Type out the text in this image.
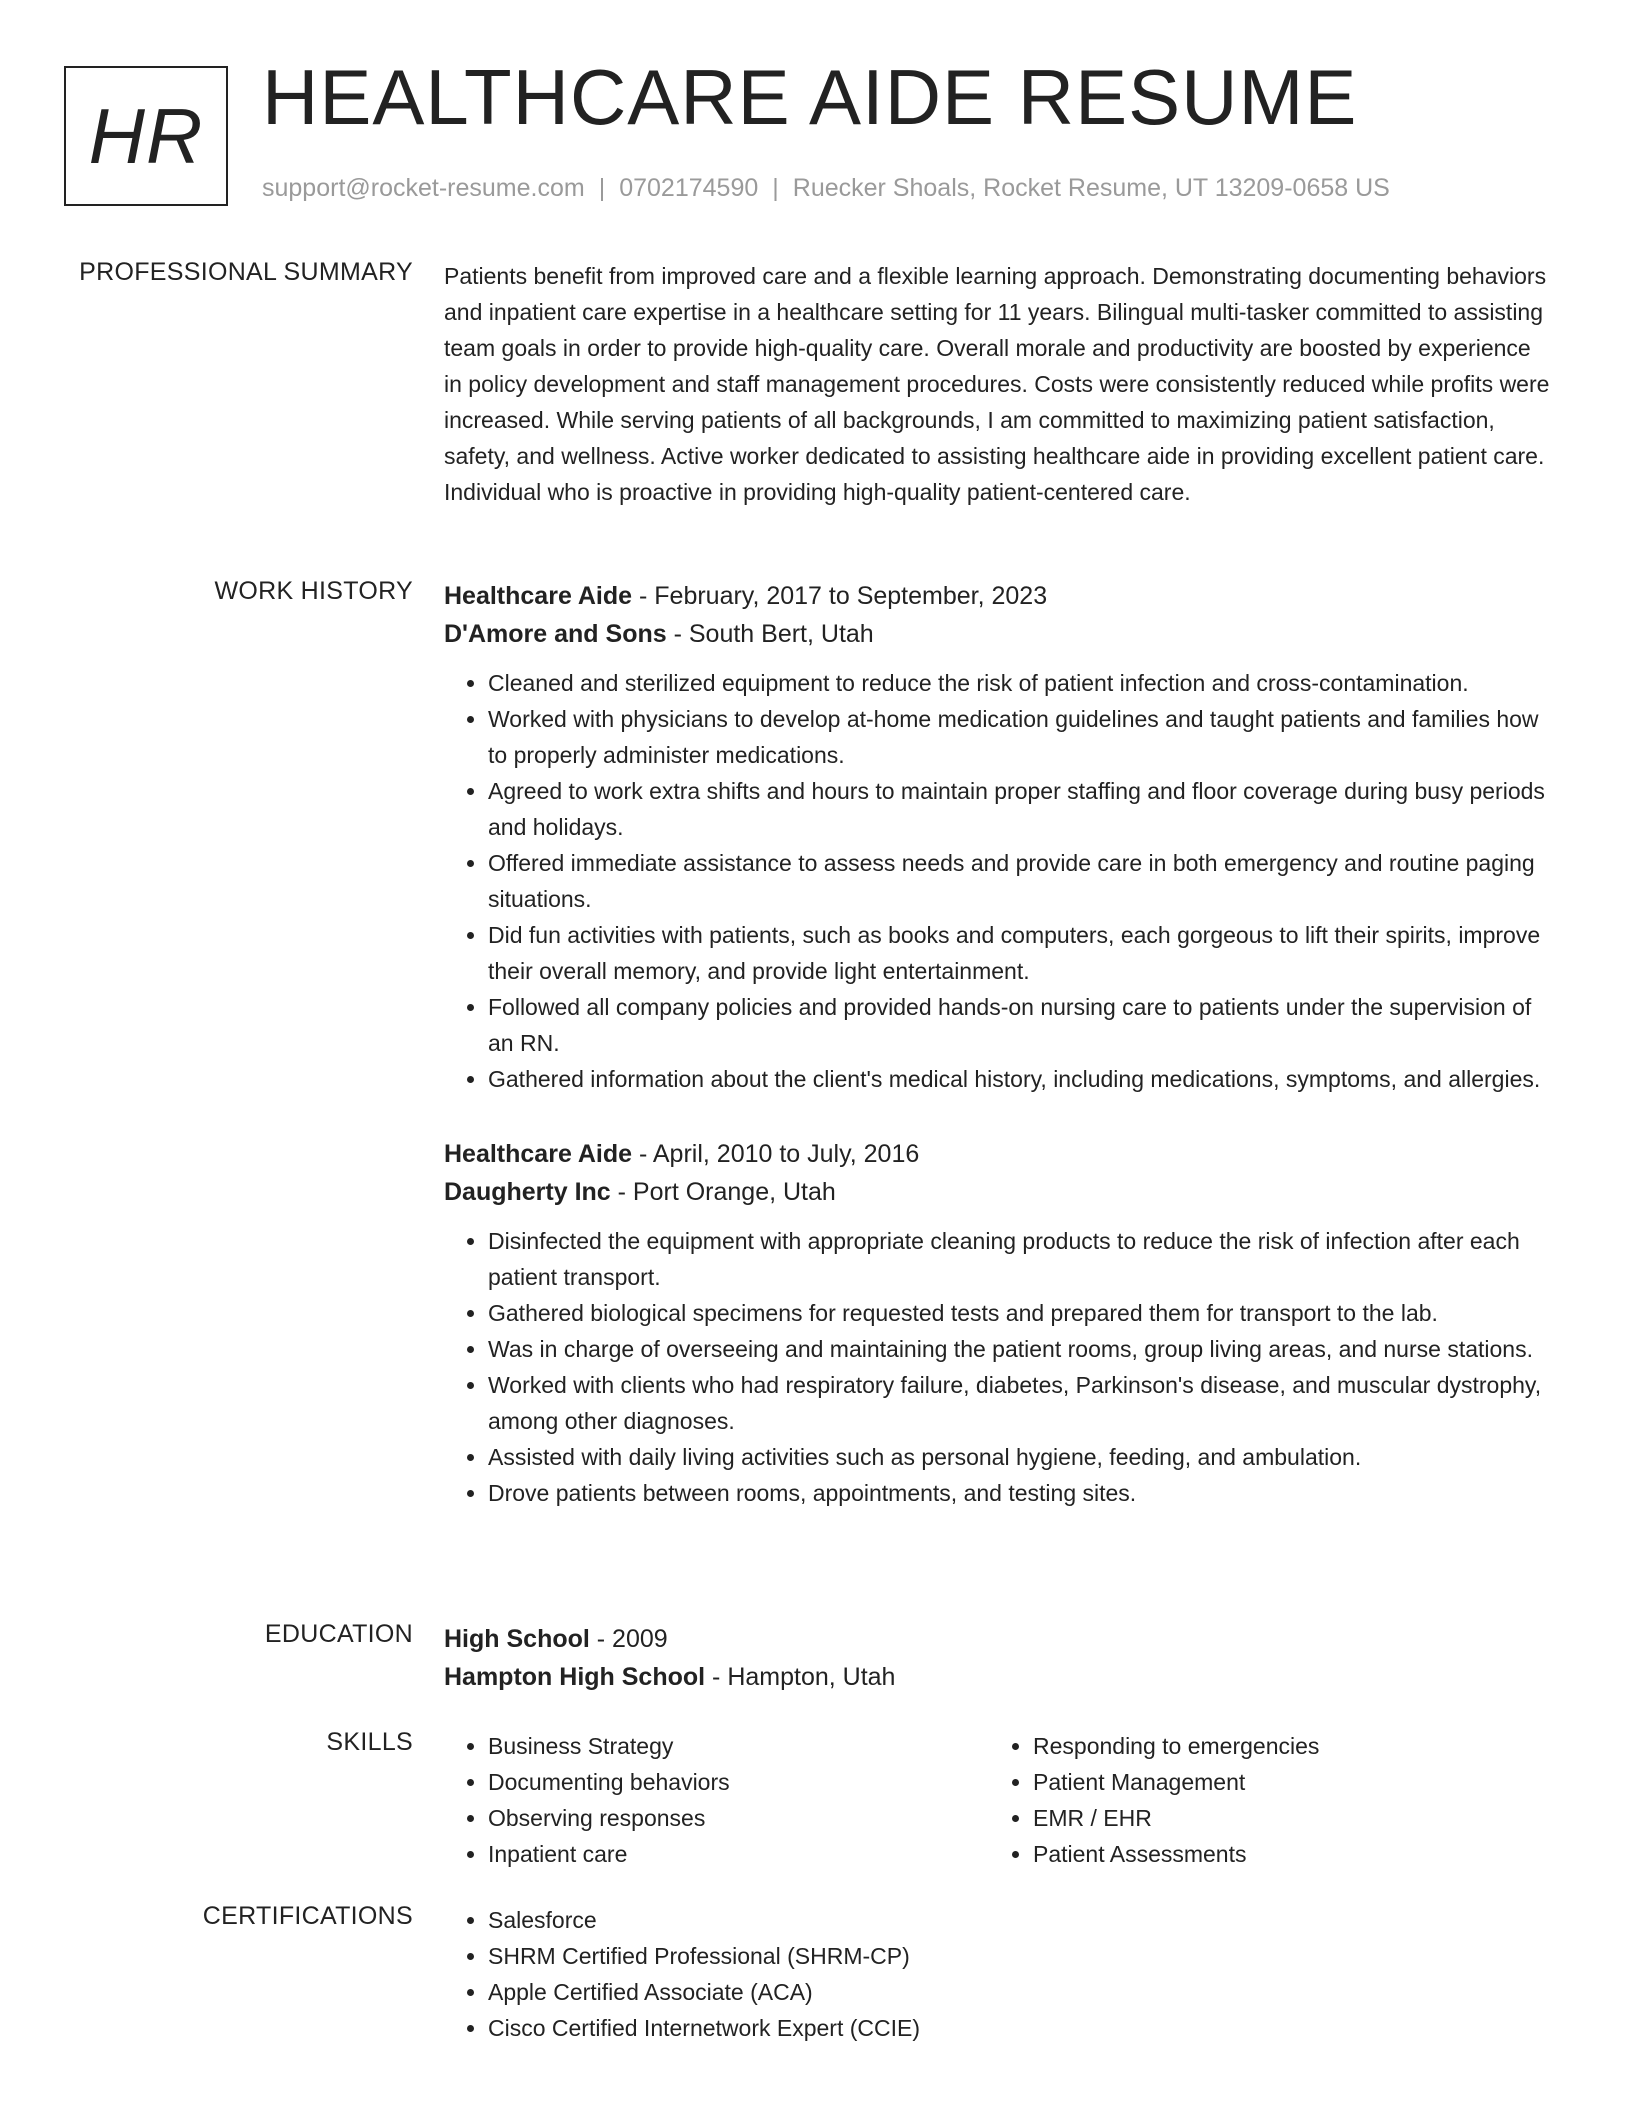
HR HEALTHCARE AIDE RESUME
support@rocket-resume.com | 0702174590 | Ruecker Shoals, Rocket Resume, UT 13209-0658 US
PROFESSIONAL SUMMARY Patients benefit from improved care and a flexible learning approach. Demonstrating documenting behaviors and inpatient care expertise in a healthcare setting for 11 years. Bilingual multi-tasker committed to assisting team goals in order to provide high-quality care. Overall morale and productivity are boosted by experience in policy development and staff management procedures. Costs were consistently reduced while profits were increased. While serving patients of all backgrounds, I am committed to maximizing patient satisfaction, safety, and wellness. Active worker dedicated to assisting healthcare aide in providing excellent patient care. Individual who is proactive in providing high-quality patient-centered care.

WORK HISTORY Healthcare Aide - February, 2017 to September, 2023
D'Amore and Sons - South Bert, Utah
• Cleaned and sterilized equipment to reduce the risk of patient infection and cross-contamination.
• Worked with physicians to develop at-home medication guidelines and taught patients and families how to properly administer medications.
• Agreed to work extra shifts and hours to maintain proper staffing and floor coverage during busy periods and holidays.
• Offered immediate assistance to assess needs and provide care in both emergency and routine paging situations.
• Did fun activities with patients, such as books and computers, each gorgeous to lift their spirits, improve their overall memory, and provide light entertainment.
• Followed all company policies and provided hands-on nursing care to patients under the supervision of an RN.
• Gathered information about the client's medical history, including medications, symptoms, and allergies.
Healthcare Aide - April, 2010 to July, 2016
Daugherty Inc - Port Orange, Utah
• Disinfected the equipment with appropriate cleaning products to reduce the risk of infection after each patient transport.
• Gathered biological specimens for requested tests and prepared them for transport to the lab.
• Was in charge of overseeing and maintaining the patient rooms, group living areas, and nurse stations.
• Worked with clients who had respiratory failure, diabetes, Parkinson's disease, and muscular dystrophy, among other diagnoses.
• Assisted with daily living activities such as personal hygiene, feeding, and ambulation.
• Drove patients between rooms, appointments, and testing sites.
EDUCATION High School - 2009
Hampton High School - Hampton, Utah
SKILLS	• Business Strategy
• Documenting behaviors
• Observing responses
• Inpatient care
• Responding to emergencies
• Patient Management
• EMR / EHR
• Patient Assessments
CERTIFICATIONS	• Salesforce
• SHRM Certified Professional (SHRM-CP)
• Apple Certified Associate (ACA)
• Cisco Certified Internetwork Expert (CCIE)
